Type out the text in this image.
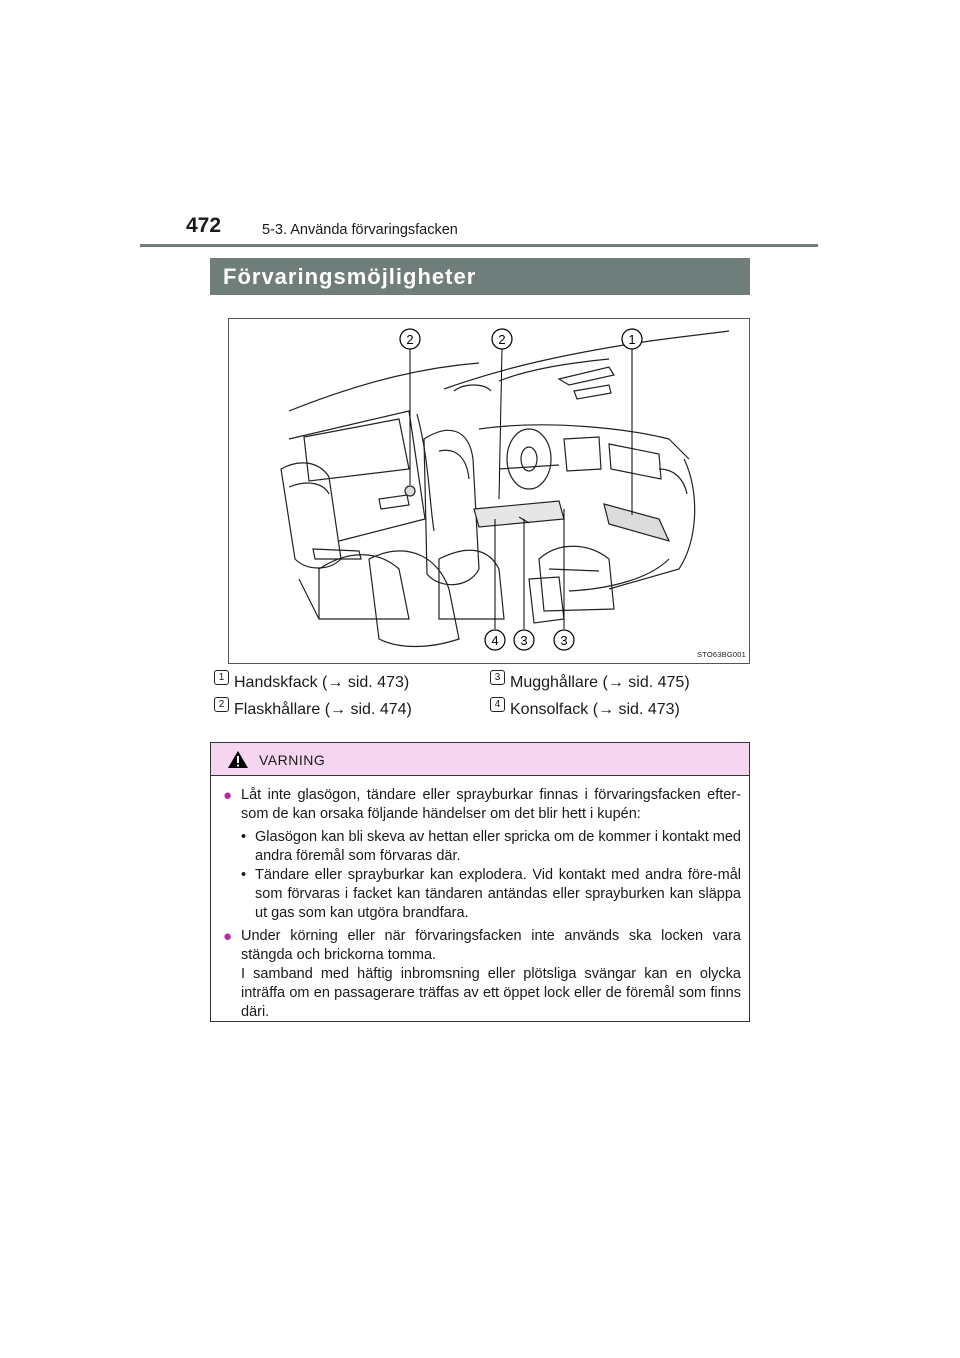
472	5-3. Använda förvaringsfacken
Förvaringsmöjligheter
2	2	1
4 3	3
STO63BG001
1 Handskfack (→ sid. 473)	3 Mugghållare (→ sid. 475)
2 Flaskhållare (→ sid. 474)	4 Konsolfack (→ sid. 473)
VARNING
● Låt inte glasögon, tändare eller sprayburkar finnas i förvaringsfacken efter-som de kan orsaka följande händelser om det blir hett i kupén:

• Glasögon kan bli skeva av hettan eller spricka om de kommer i kontakt med andra föremål som förvaras där.
• Tändare eller sprayburkar kan explodera. Vid kontakt med andra före-mål som förvaras i facket kan tändaren antändas eller sprayburken kan släppa ut gas som kan utgöra brandfara.
● Under körning eller när förvaringsfacken inte används ska locken vara stängda och brickorna tomma.

I samband med häftig inbromsning eller plötsliga svängar kan en olycka inträffa om en passagerare träffas av ett öppet lock eller de föremål som finns däri.
